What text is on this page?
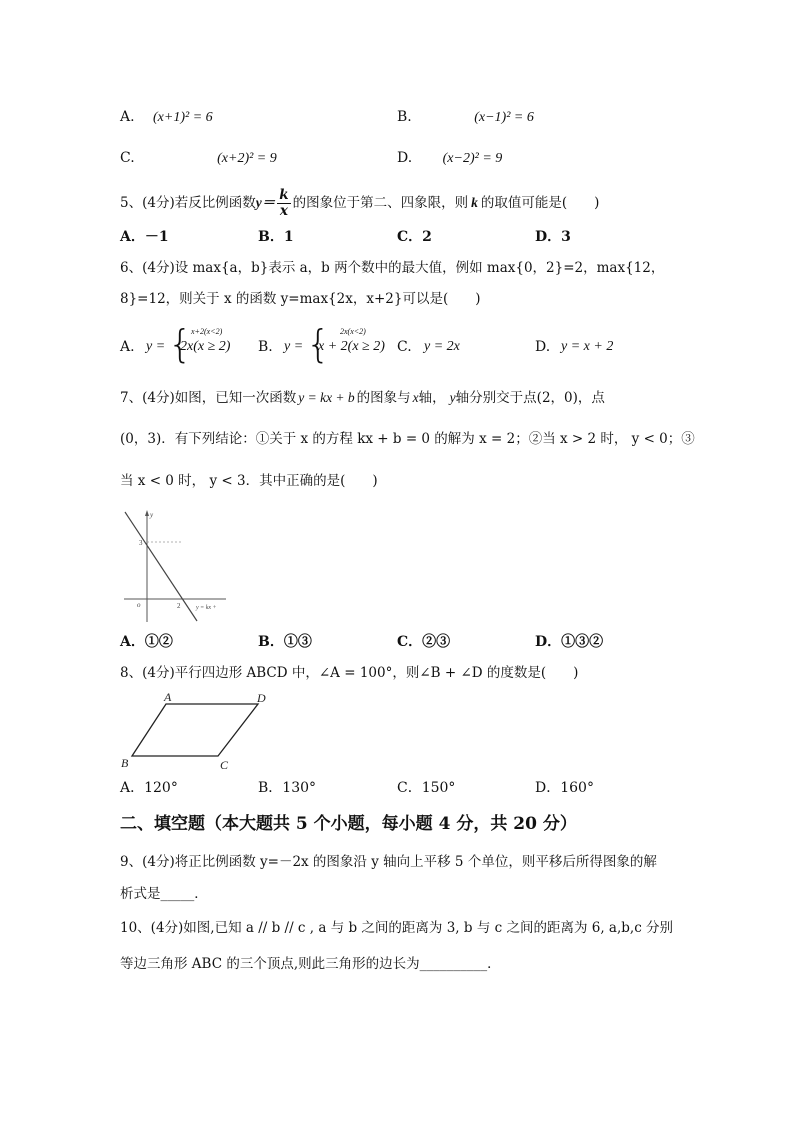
A. (x+1)² = 6	B.	(x−1)² = 6
C.	(x+2)² = 9	D. (x−2)² = 9
5、(4分)若反比例函数$y= \frac{k}{x}$ 的图象位于第二、四象限，则 k 的取值可能是(　　)
A．－1	B．1	C．2	D．3
6、(4分)设 max{a，b}表示 a，b 两个数中的最大值，例如 max{0，2}=2，max{12，
8}=12，则关于 x 的函数 y=max{2x，x+2}可以是(　　)
A. y = {
x+2(x<2)
2x(x ≥ 2) B. y = { 2x(x<2)
x + 2(x ≥ 2) C. y = 2x	D. y = x + 2
7、(4分)如图，已知一次函数 y = kx + b 的图象与 x轴， y轴分别交于点(2，0)，点
(0，3)．有下列结论：①关于 x 的方程 kx + b = 0 的解为 x = 2；②当 x > 2 时， y < 0；③
当 x < 0 时， y < 3．其中正确的是(　　)
y
3
o	2	y = kx +
A．①②	B．①③	C．②③	D．①③②
8、(4分)平行四边形 ABCD 中，∠A = 100°，则∠B + ∠D 的度数是(　　)
A	D
B	C
A．120°	B．130°	C．150°	D．160°
二、填空题（本大题共 5 个小题，每小题 4 分，共 20 分）
9、(4分)将正比例函数 y=－2x 的图象沿 y 轴向上平移 5 个单位，则平移后所得图象的解
析式是_____．
10、(4分)如图,已知 a // b // c , a 与 b 之间的距离为 3, b 与 c 之间的距离为 6, a,b,c 分别
等边三角形 ABC 的三个顶点,则此三角形的边长为__________．
